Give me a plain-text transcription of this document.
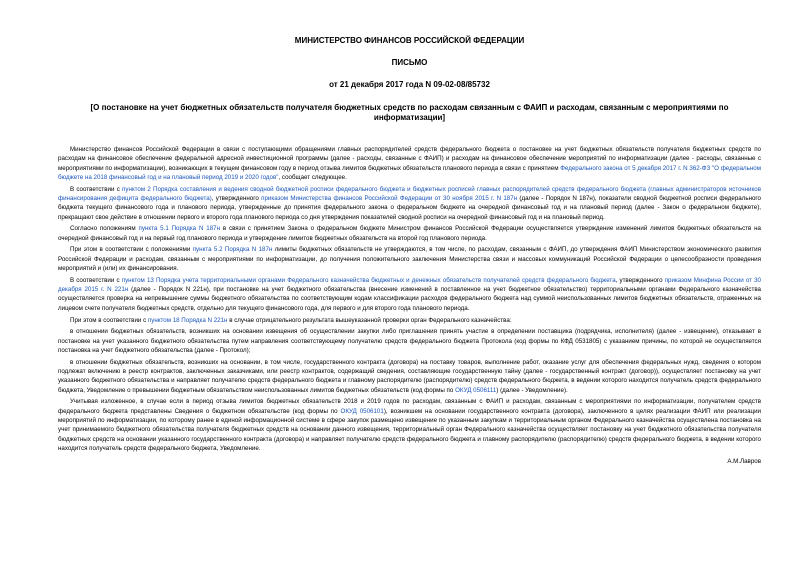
МИНИСТЕРСТВО ФИНАНСОВ РОССИЙСКОЙ ФЕДЕРАЦИИ
ПИСЬМО
от 21 декабря 2017 года N 09-02-08/85732
[О постановке на учет бюджетных обязательств получателя бюджетных средств по расходам связанным с ФАИП и расходам, связанным с мероприятиями по информатизации]

Министерство финансов Российской Федерации в связи с поступающими обращениями главных распорядителей средств федерального бюджета о постановке на учет бюджетных обязательств получателя бюджетных средств по расходам на финансовое обеспечение федеральной адресной инвестиционной программы (далее - расходы, связанные с ФАИП) и расходам на финансовое обеспечение мероприятий по информатизации (далее - расходы, связанные с мероприятиями по информатизации), возникающих в текущем финансовом году в период отзыва лимитов бюджетных обязательств планового периода в связи с принятием Федерального закона от 5 декабря 2017 г. N 362-ФЗ "О федеральном бюджете на 2018 финансовый год и на плановый период 2019 и 2020 годов", сообщает следующее.

В соответствии с пунктом 2 Порядка составления и ведения сводной бюджетной росписи федерального бюджета и бюджетных росписей главных распорядителей средств федерального бюджета (главных администраторов источников финансирования дефицита федерального бюджета), утвержденного приказом Министерства финансов Российской Федерации от 30 ноября 2015 г. N 187н (далее - Порядок N 187н), показатели сводной бюджетной росписи федерального бюджета текущего финансового года и планового периода, утвержденные до принятия федерального закона о федеральном бюджете на очередной финансовый год и на плановый период (далее - Закон о федеральном бюджете), прекращают свое действие в отношении первого и второго года планового периода со дня утверждения показателей сводной росписи на очередной финансовый год и на плановый период.

Согласно положениям пункта 5.1 Порядка N 187н в связи с принятием Закона о федеральном бюджете Министром финансов Российской Федерации осуществляется утверждение изменений лимитов бюджетных обязательств на очередной финансовый год и на первый год планового периода и утверждение лимитов бюджетных обязательств на второй год планового периода.

При этом в соответствии с положениями пункта 5.2 Порядка N 187н лимиты бюджетных обязательств не утверждаются, в том числе, по расходам, связанным с ФАИП, до утверждения ФАИП Министерством экономического развития Российской Федерации и расходам, связанным с мероприятиями по информатизации, до получения положительного заключения Министерства связи и массовых коммуникаций Российской Федерации о целесообразности проведения мероприятий и (или) их финансирования.

В соответствии с пунктом 13 Порядка учета территориальными органами Федерального казначейства бюджетных и денежных обязательств получателей средств федерального бюджета, утвержденного приказом Минфина России от 30 декабря 2015 г. N 221н (далее - Порядок N 221н), при постановке на учет бюджетного обязательства (внесение изменений в поставленное на учет бюджетное обязательство) территориальными органами Федерального казначейства осуществляется проверка на непревышение суммы бюджетного обязательства по соответствующим кодам классификации расходов федерального бюджета над суммой неиспользованных лимитов бюджетных обязательств, отраженных на лицевом счете получателя бюджетных средств, отдельно для текущего финансового года, для первого и для второго года планового периода.

При этом в соответствии с пунктом 18 Порядка N 221н в случае отрицательного результата вышеуказанной проверки орган Федерального казначейства:

в отношении бюджетных обязательств, возникших на основании извещения об осуществлении закупки либо приглашения принять участие в определении поставщика (подрядчика, исполнителя) (далее - извещение), отказывает в постановке на учет указанного бюджетного обязательства путем направления соответствующему получателю средств федерального бюджета Протокола (код формы по КФД 0531805) с указанием причины, по которой не осуществляется постановка на учет бюджетного обязательства (далее - Протокол);

в отношении бюджетных обязательств, возникших на основании, в том числе, государственного контракта (договора) на поставку товаров, выполнение работ, оказание услуг для обеспечения федеральных нужд, сведения о котором подлежат включению в реестр контрактов, заключенных заказчиками, или реестр контрактов, содержащий сведения, составляющие государственную тайну (далее - государственный контракт (договор)), осуществляет постановку на учет указанного бюджетного обязательства и направляет получателю средств федерального бюджета и главному распорядителю (распорядителю) средств федерального бюджета, в ведении которого находится получатель средств федерального бюджета, Уведомление о превышении бюджетным обязательством неиспользованных лимитов бюджетных обязательств (код формы по ОКУД 0506111) (далее - Уведомление).

Учитывая изложенное, в случае если в период отзыва лимитов бюджетных обязательств 2018 и 2019 годов по расходам, связанным с ФАИП и расходам, связанным с мероприятиями по информатизации, получателем средств федерального бюджета представлены Сведения о бюджетном обязательстве (код формы по ОКУД 0506101), возникшем на основании государственного контракта (договора), заключенного в целях реализации ФАИП или реализации мероприятий по информатизации, по которому ранее в единой информационной системе в сфере закупок размещено извещение по указанным закупкам и территориальным органом Федерального казначейства осуществлена постановка на учет принимаемого бюджетного обязательства получателя бюджетных средств на основании данного извещения, территориальный орган Федерального казначейства осуществляет постановку на учет бюджетного обязательства получателя бюджетных средств на основании указанного государственного контракта (договора) и направляет получателю средств федерального бюджета и главному распорядителю (распорядителю) средств федерального бюджета, в ведении которого находится получатель средств федерального бюджета, Уведомление.

А.М.Лавров
